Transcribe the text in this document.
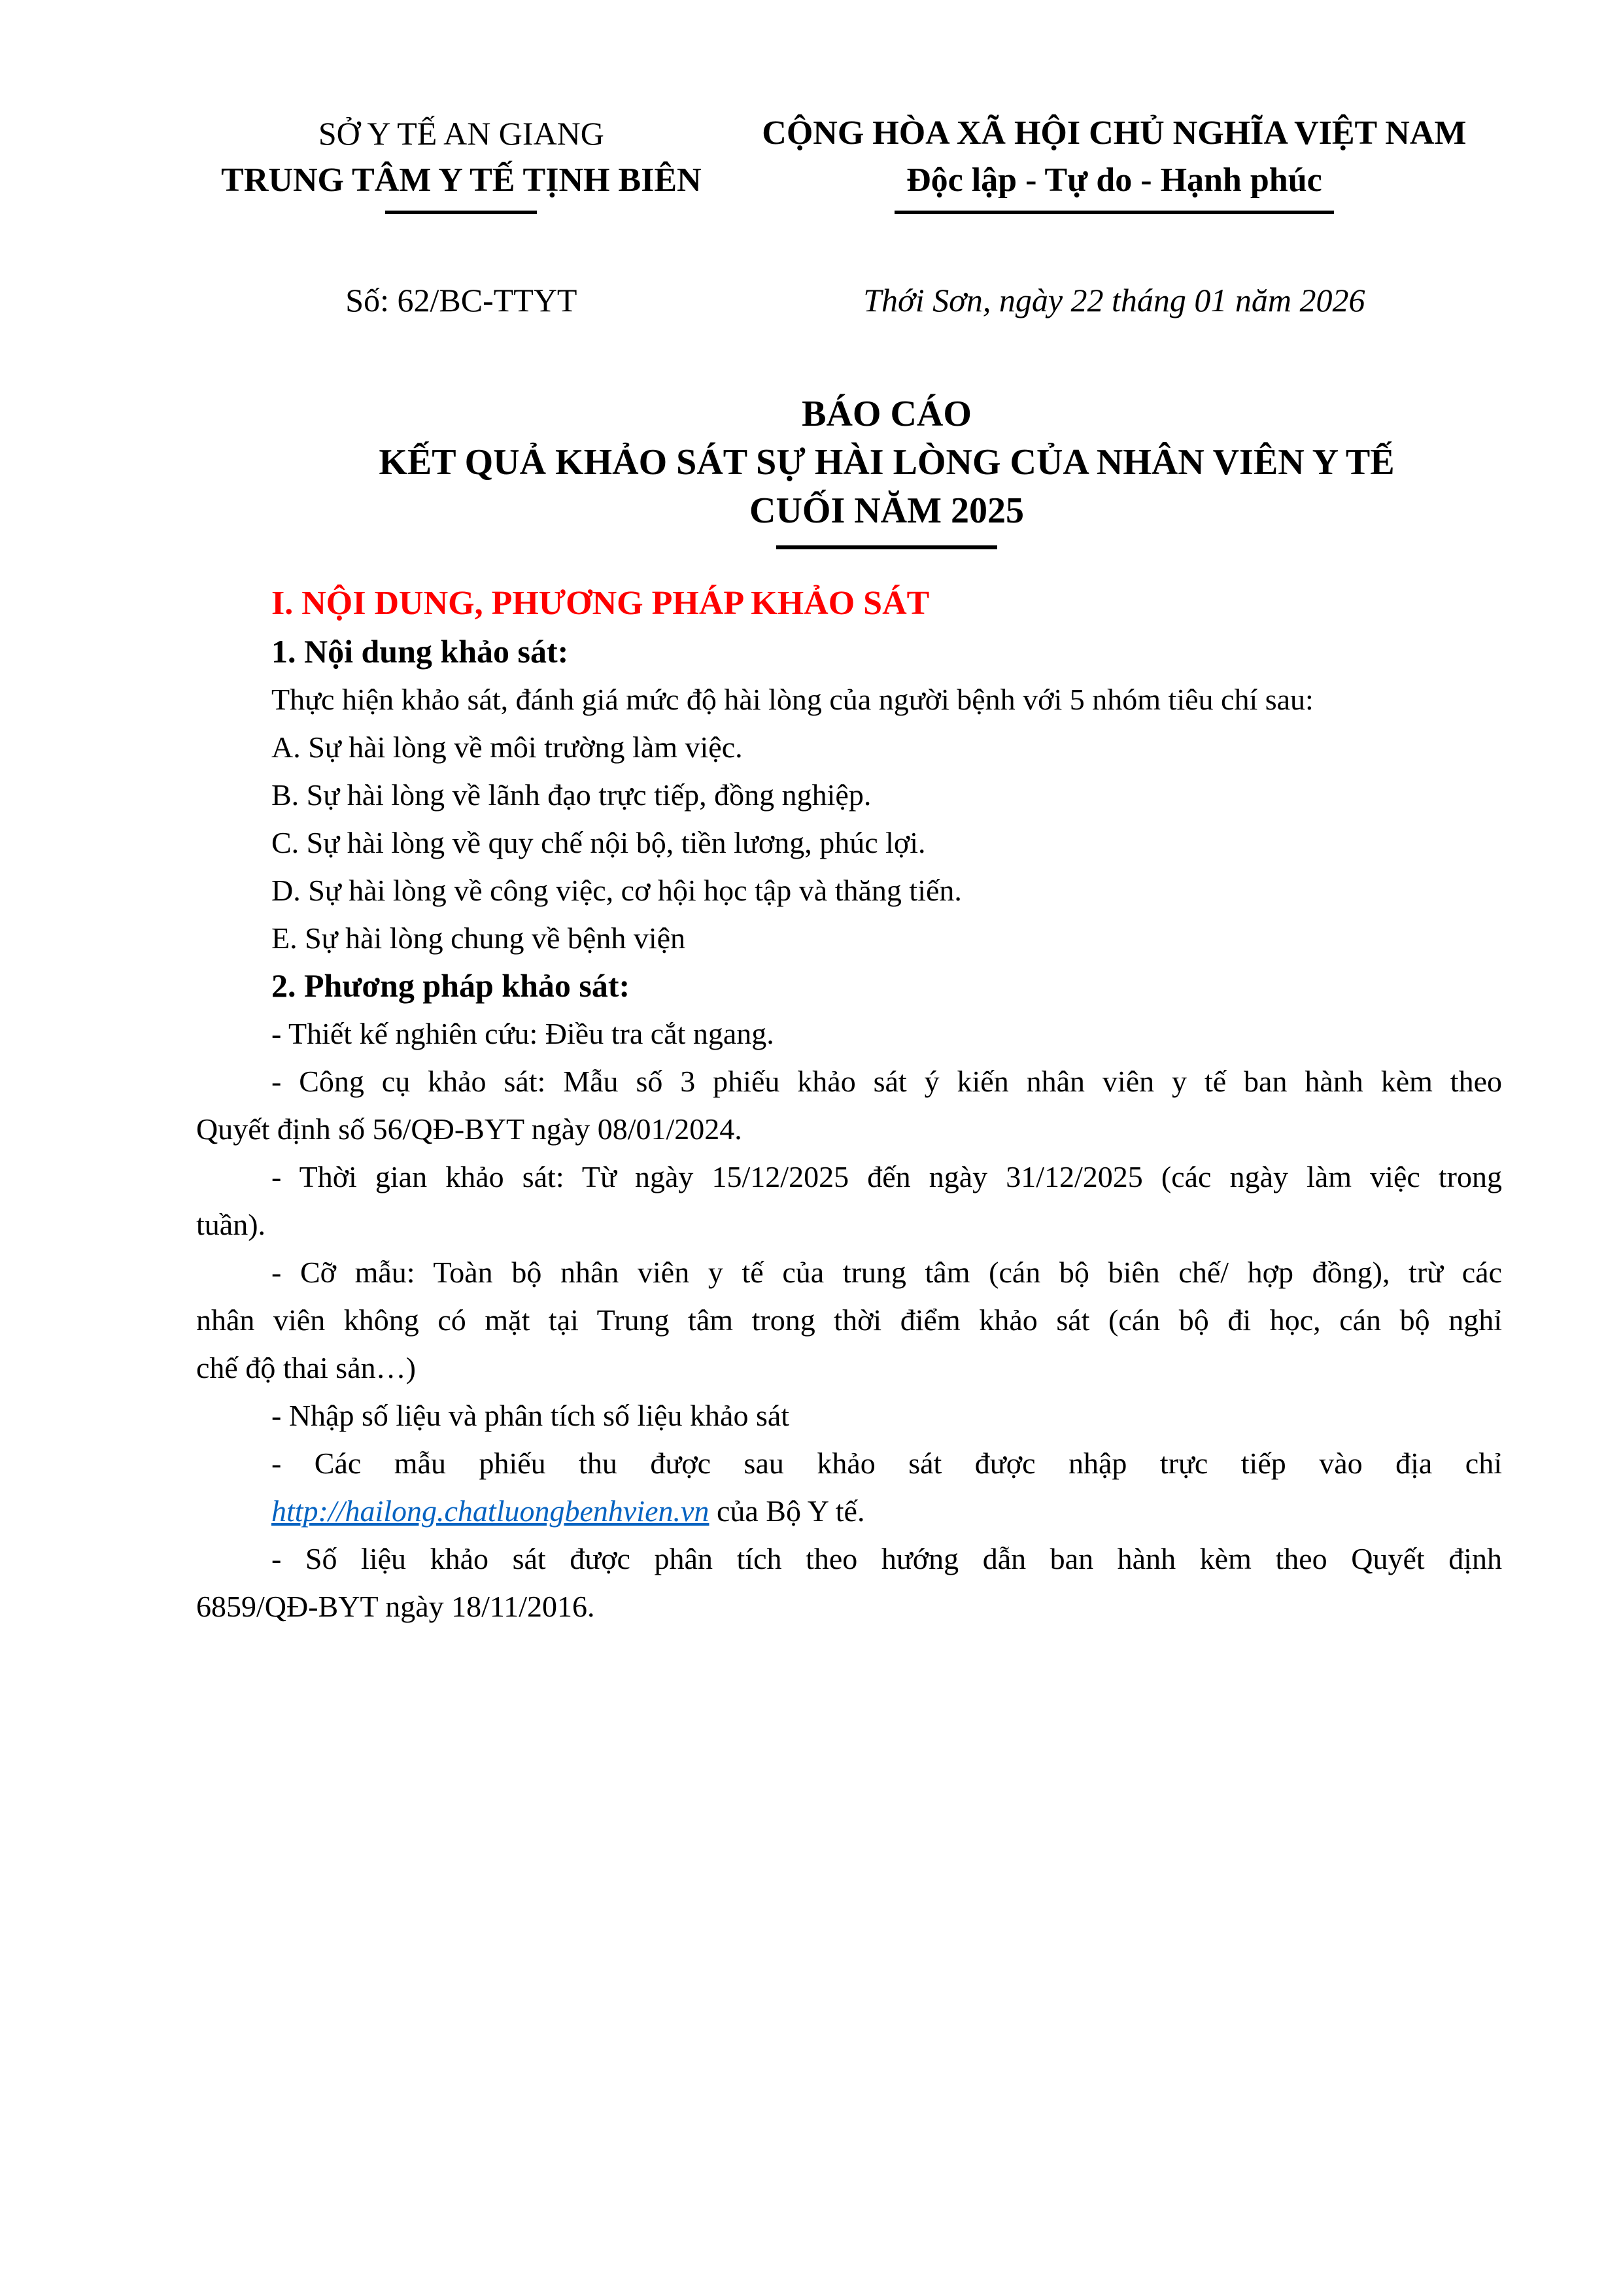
SỞ Y TẾ AN GIANG
TRUNG TÂM Y TẾ TỊNH BIÊN
CỘNG HÒA XÃ HỘI CHỦ NGHĨA VIỆT NAM
Độc lập - Tự do - Hạnh phúc
Số: 62/BC-TTYT	Thới Sơn, ngày 22 tháng 01 năm 2026
BÁO CÁO
KẾT QUẢ KHẢO SÁT SỰ HÀI LÒNG CỦA NHÂN VIÊN Y TẾ
CUỐI NĂM 2025
I. NỘI DUNG, PHƯƠNG PHÁP KHẢO SÁT
1. Nội dung khảo sát:
Thực hiện khảo sát, đánh giá mức độ hài lòng của người bệnh với 5 nhóm tiêu chí sau:
A. Sự hài lòng về môi trường làm việc.
B. Sự hài lòng về lãnh đạo trực tiếp, đồng nghiệp.
C. Sự hài lòng về quy chế nội bộ, tiền lương, phúc lợi.
D. Sự hài lòng về công việc, cơ hội học tập và thăng tiến.
E. Sự hài lòng chung về bệnh viện
2. Phương pháp khảo sát:
- Thiết kế nghiên cứu: Điều tra cắt ngang.
- Công cụ khảo sát: Mẫu số 3 phiếu khảo sát ý kiến nhân viên y tế ban hành kèm theo
Quyết định số 56/QĐ-BYT ngày 08/01/2024.
- Thời gian khảo sát: Từ ngày 15/12/2025 đến ngày 31/12/2025 (các ngày làm việc trong
tuần).
- Cỡ mẫu: Toàn bộ nhân viên y tế của trung tâm (cán bộ biên chế/ hợp đồng), trừ các
nhân viên không có mặt tại Trung tâm trong thời điểm khảo sát (cán bộ đi học, cán bộ nghỉ
chế độ thai sản…)
- Nhập số liệu và phân tích số liệu khảo sát
- Các mẫu phiếu thu được sau khảo sát được nhập trực tiếp vào địa chỉ
http://hailong.chatluongbenhvien.vn của Bộ Y tế.
- Số liệu khảo sát được phân tích theo hướng dẫn ban hành kèm theo Quyết định
6859/QĐ-BYT ngày 18/11/2016.
